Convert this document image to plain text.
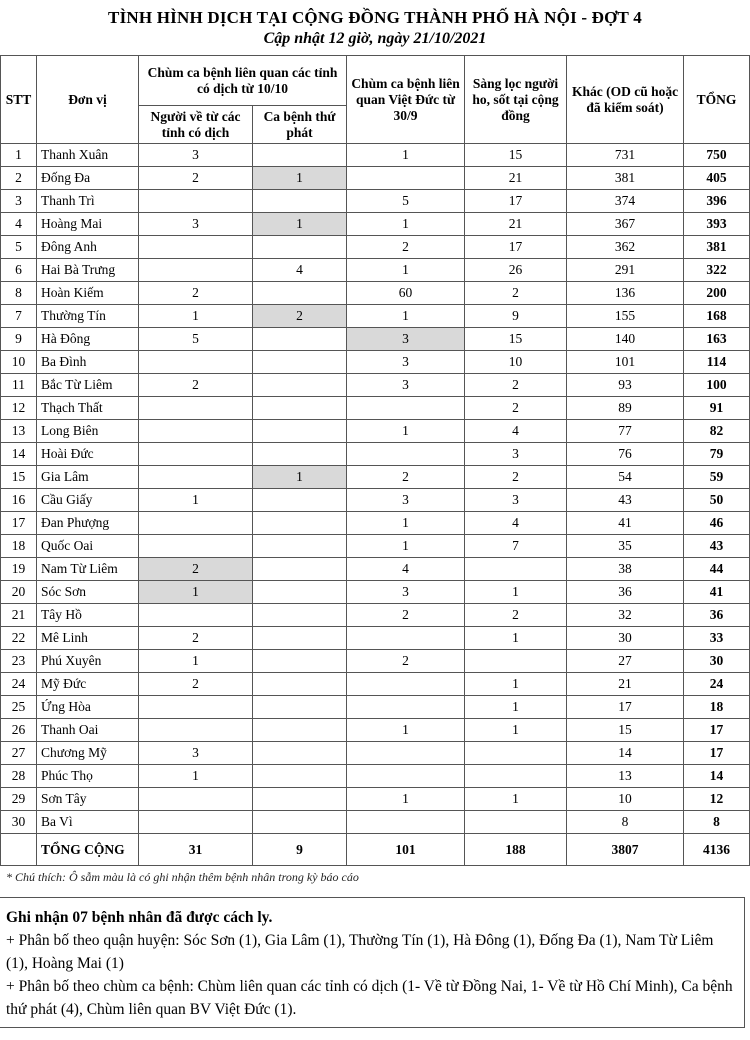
TÌNH HÌNH DỊCH TẠI CỘNG ĐỒNG THÀNH PHỐ HÀ NỘI - ĐỢT 4
Cập nhật 12 giờ, ngày 21/10/2021
STT	Đơn vị	Chùm ca bệnh liên quan các tỉnh có dịch từ 10/10		Chùm ca bệnh liên quan Việt Đức từ 30/9	Sàng lọc người ho, sốt tại cộng đồng	Khác (OD cũ hoặc đã kiểm soát)	TỔNG
		Người về từ các tỉnh có dịch	Ca bệnh thứ phát				
1	Thanh Xuân	3		1	15	731	750
2	Đống Đa	2	1		21	381	405
3	Thanh Trì			5	17	374	396
4	Hoàng Mai	3	1	1	21	367	393
5	Đông Anh			2	17	362	381
6	Hai Bà Trưng		4	1	26	291	322
8	Hoàn Kiếm	2		60	2	136	200
7	Thường Tín	1	2	1	9	155	168
9	Hà Đông	5		3	15	140	163
10	Ba Đình			3	10	101	114
11	Bắc Từ Liêm	2		3	2	93	100
12	Thạch Thất				2	89	91
13	Long Biên			1	4	77	82
14	Hoài Đức				3	76	79
15	Gia Lâm		1	2	2	54	59
16	Cầu Giấy	1		3	3	43	50
17	Đan Phượng			1	4	41	46
18	Quốc Oai			1	7	35	43
19	Nam Từ Liêm	2		4		38	44
20	Sóc Sơn	1		3	1	36	41
21	Tây Hồ			2	2	32	36
22	Mê Linh	2			1	30	33
23	Phú Xuyên	1		2		27	30
24	Mỹ Đức	2			1	21	24
25	Ứng Hòa				1	17	18
26	Thanh Oai			1	1	15	17
27	Chương Mỹ	3				14	17
28	Phúc Thọ	1				13	14
29	Sơn Tây			1	1	10	12
30	Ba Vì					8	8
	TỔNG CỘNG	31	9	101	188	3807	4136
* Chú thích: Ô sẫm màu là có ghi nhận thêm bệnh nhân trong kỳ báo cáo
Ghi nhận 07 bệnh nhân đã được cách ly.
+ Phân bố theo quận huyện: Sóc Sơn (1), Gia Lâm (1), Thường Tín (1), Hà Đông (1), Đống Đa (1), Nam Từ Liêm (1), Hoàng Mai (1)
+ Phân bố theo chùm ca bệnh: Chùm liên quan các tỉnh có dịch (1- Về từ Đồng Nai, 1- Về từ Hồ Chí Minh), Ca bệnh thứ phát (4), Chùm liên quan BV Việt Đức (1).
